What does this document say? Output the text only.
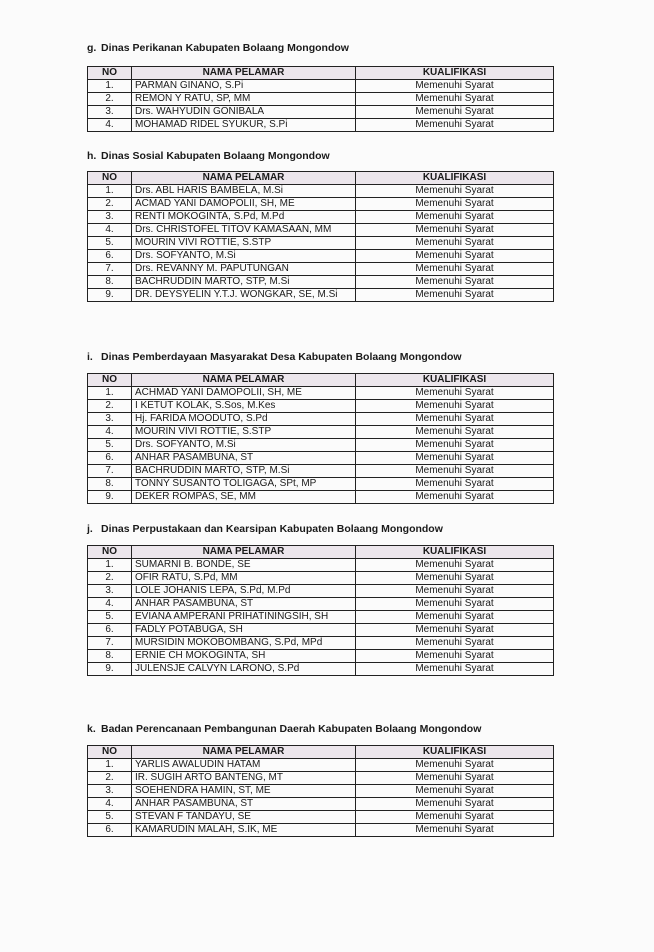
g. Dinas Perikanan Kabupaten Bolaang Mongondow
NO	NAMA PELAMAR	KUALIFIKASI
1.	PARMAN GINANO, S.Pi	Memenuhi Syarat
2.	REMON Y RATU, SP, MM	Memenuhi Syarat
3.	Drs. WAHYUDIN GONIBALA	Memenuhi Syarat
4.	MOHAMAD RIDEL SYUKUR, S.Pi	Memenuhi Syarat
h. Dinas Sosial Kabupaten Bolaang Mongondow
NO	NAMA PELAMAR	KUALIFIKASI
1.	Drs. ABL HARIS BAMBELA, M.Si	Memenuhi Syarat
2.	ACMAD YANI DAMOPOLII, SH, ME	Memenuhi Syarat
3.	RENTI MOKOGINTA, S.Pd, M.Pd	Memenuhi Syarat
4.	Drs. CHRISTOFEL TITOV KAMASAAN, MM	Memenuhi Syarat
5.	MOURIN VIVI ROTTIE, S.STP	Memenuhi Syarat
6.	Drs. SOFYANTO, M.Si	Memenuhi Syarat
7.	Drs. REVANNY M. PAPUTUNGAN	Memenuhi Syarat
8.	BACHRUDDIN MARTO, STP, M.Si	Memenuhi Syarat
9.	DR. DEYSYELIN Y.T.J. WONGKAR, SE, M.Si	Memenuhi Syarat
i. Dinas Pemberdayaan Masyarakat Desa Kabupaten Bolaang Mongondow
NO	NAMA PELAMAR	KUALIFIKASI
1.	ACHMAD YANI DAMOPOLII, SH, ME	Memenuhi Syarat
2.	I KETUT KOLAK, S.Sos, M.Kes	Memenuhi Syarat
3.	Hj. FARIDA MOODUTO, S.Pd	Memenuhi Syarat
4.	MOURIN VIVI ROTTIE, S.STP	Memenuhi Syarat
5.	Drs. SOFYANTO, M.Si	Memenuhi Syarat
6.	ANHAR PASAMBUNA, ST	Memenuhi Syarat
7.	BACHRUDDIN MARTO, STP, M.Si	Memenuhi Syarat
8.	TONNY SUSANTO TOLIGAGA, SPt, MP	Memenuhi Syarat
9.	DEKER ROMPAS, SE, MM	Memenuhi Syarat
j. Dinas Perpustakaan dan Kearsipan Kabupaten Bolaang Mongondow
NO	NAMA PELAMAR	KUALIFIKASI
1.	SUMARNI B. BONDE, SE	Memenuhi Syarat
2.	OFIR RATU, S.Pd, MM	Memenuhi Syarat
3.	LOLE JOHANIS LEPA, S.Pd, M.Pd	Memenuhi Syarat
4.	ANHAR PASAMBUNA, ST	Memenuhi Syarat
5.	EVIANA AMPERANI PRIHATININGSIH, SH	Memenuhi Syarat
6.	FADLY POTABUGA, SH	Memenuhi Syarat
7.	MURSIDIN MOKOBOMBANG, S.Pd, MPd	Memenuhi Syarat
8.	ERNIE CH MOKOGINTA, SH	Memenuhi Syarat
9.	JULENSJE CALVYN LARONO, S.Pd	Memenuhi Syarat
k. Badan Perencanaan Pembangunan Daerah Kabupaten Bolaang Mongondow
NO	NAMA PELAMAR	KUALIFIKASI
1.	YARLIS AWALUDIN HATAM	Memenuhi Syarat
2.	IR. SUGIH ARTO BANTENG, MT	Memenuhi Syarat
3.	SOEHENDRA HAMIN, ST, ME	Memenuhi Syarat
4.	ANHAR PASAMBUNA, ST	Memenuhi Syarat
5.	STEVAN F TANDAYU, SE	Memenuhi Syarat
6.	KAMARUDIN MALAH, S.IK, ME	Memenuhi Syarat
